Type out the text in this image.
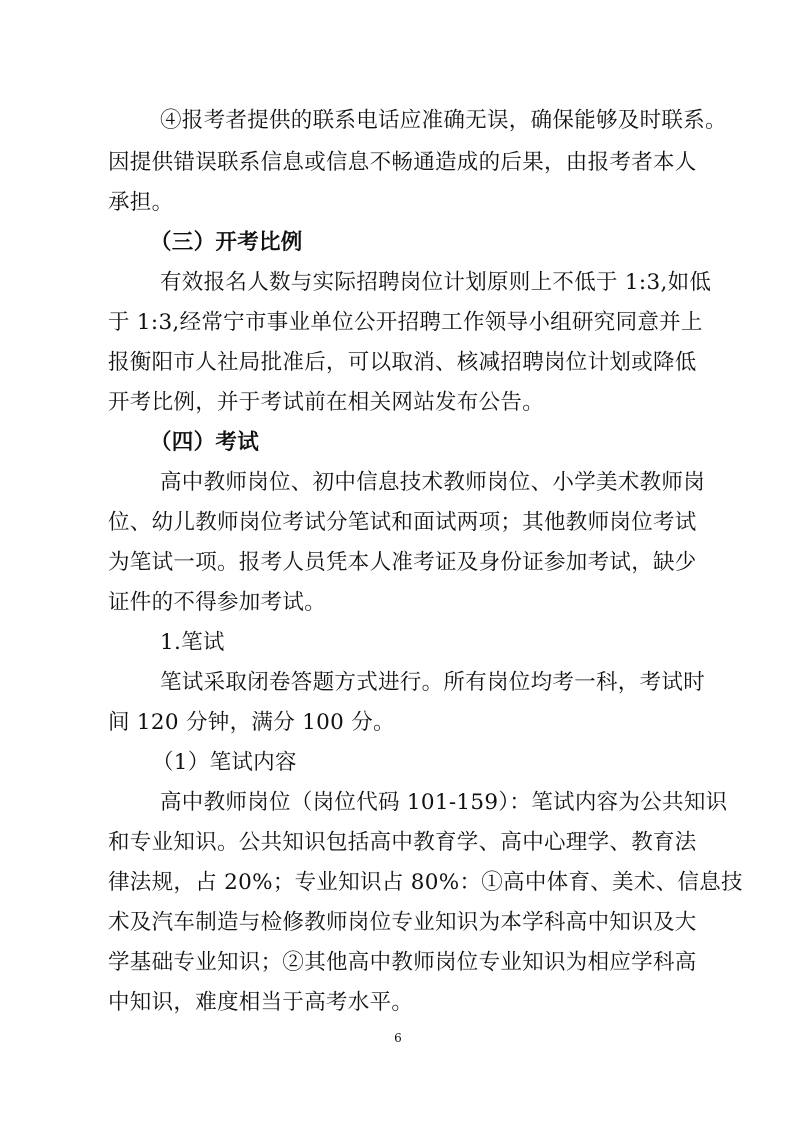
④报考者提供的联系电话应准确无误，确保能够及时联系。
因提供错误联系信息或信息不畅通造成的后果，由报考者本人
承担。
（三）开考比例
有效报名人数与实际招聘岗位计划原则上不低于 1:3,如低
于 1:3,经常宁市事业单位公开招聘工作领导小组研究同意并上
报衡阳市人社局批准后，可以取消、核减招聘岗位计划或降低
开考比例，并于考试前在相关网站发布公告。
（四）考试
高中教师岗位、初中信息技术教师岗位、小学美术教师岗
位、幼儿教师岗位考试分笔试和面试两项；其他教师岗位考试
为笔试一项。报考人员凭本人准考证及身份证参加考试，缺少
证件的不得参加考试。
1.笔试
笔试采取闭卷答题方式进行。所有岗位均考一科，考试时
间 120 分钟，满分 100 分。
（1）笔试内容
高中教师岗位（岗位代码 101-159）：笔试内容为公共知识
和专业知识。公共知识包括高中教育学、高中心理学、教育法
律法规，占 20%；专业知识占 80%：①高中体育、美术、信息技
术及汽车制造与检修教师岗位专业知识为本学科高中知识及大
学基础专业知识；②其他高中教师岗位专业知识为相应学科高
中知识，难度相当于高考水平。
6
